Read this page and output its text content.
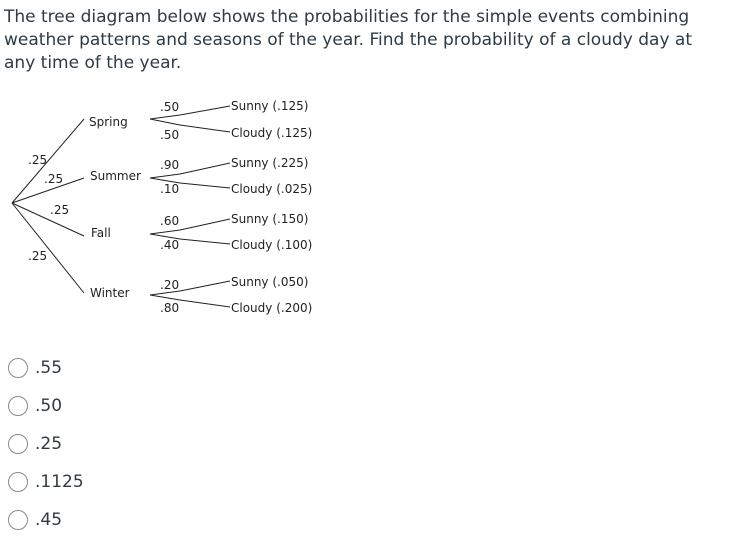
The tree diagram below shows the probabilities for the simple events combining weather patterns and seasons of the year. Find the probability of a cloudy day at any time of the year.

.25
.25
.25
.25
Spring
Summer
Fall
Winter
.50
.50
Sunny (.125)
Cloudy (.125)
.90
.10
Sunny (.225)
Cloudy (.025)
.60
.40
Sunny (.150)
Cloudy (.100)
.20
.80
Sunny (.050)
Cloudy (.200)
.55
.50
.25
.1125
.45
